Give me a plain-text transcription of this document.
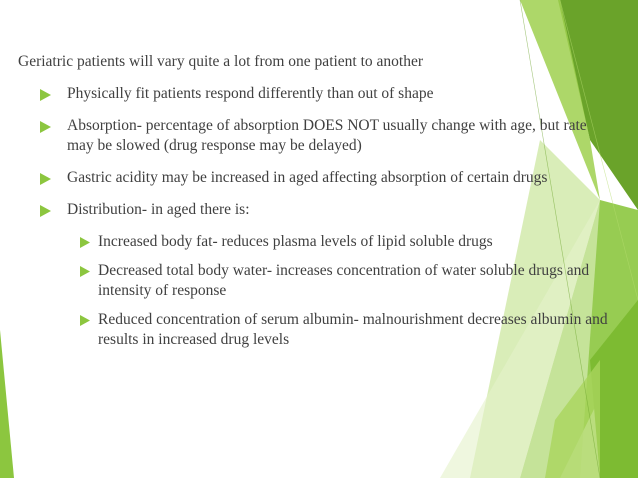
Geriatric patients will vary quite a lot from one patient to another
Physically fit patients respond differently than out of shape
Absorption- percentage of absorption DOES NOT usually change with age, but rate may be slowed (drug response may be delayed)
Gastric acidity may be increased in aged affecting absorption of certain drugs
Distribution- in aged there is:
Increased body fat- reduces plasma levels of lipid soluble drugs
Decreased total body water- increases concentration of water soluble drugs and intensity of response
Reduced concentration of serum albumin- malnourishment decreases albumin and results in increased drug levels
